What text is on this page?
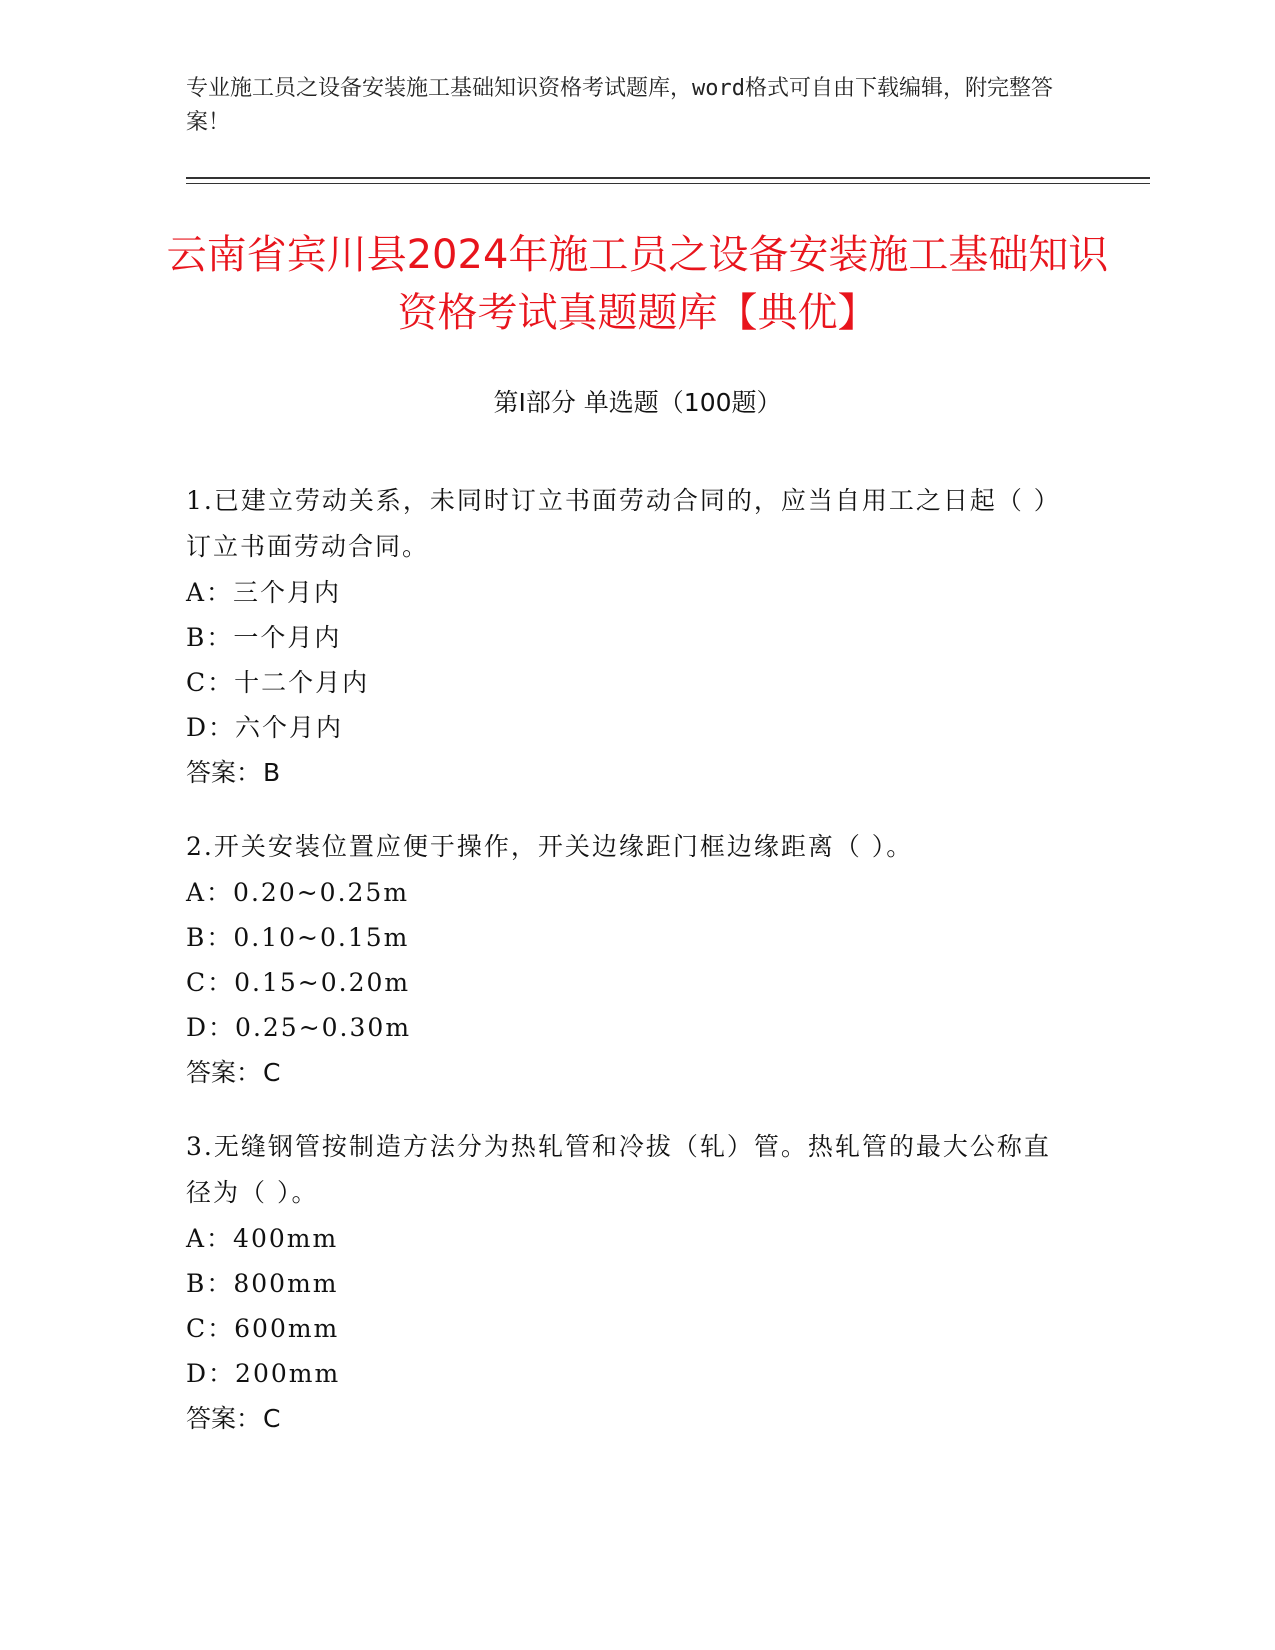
专业施工员之设备安装施工基础知识资格考试题库，word格式可自由下载编辑，附完整答案！
云南省宾川县2024年施工员之设备安装施工基础知识资格考试真题题库【典优】
第I部分 单选题（100题）
1.已建立劳动关系，未同时订立书面劳动合同的，应当自用工之日起（ ）订立书面劳动合同。
A：三个月内
B：一个月内
C：十二个月内
D：六个月内
答案：B
2.开关安装位置应便于操作，开关边缘距门框边缘距离（ ）。
A：0.20~0.25m
B：0.10~0.15m
C：0.15~0.20m
D：0.25~0.30m
答案：C
3.无缝钢管按制造方法分为热轧管和冷拔（轧）管。热轧管的最大公称直径为（ ）。
A：400mm
B：800mm
C：600mm
D：200mm
答案：C
